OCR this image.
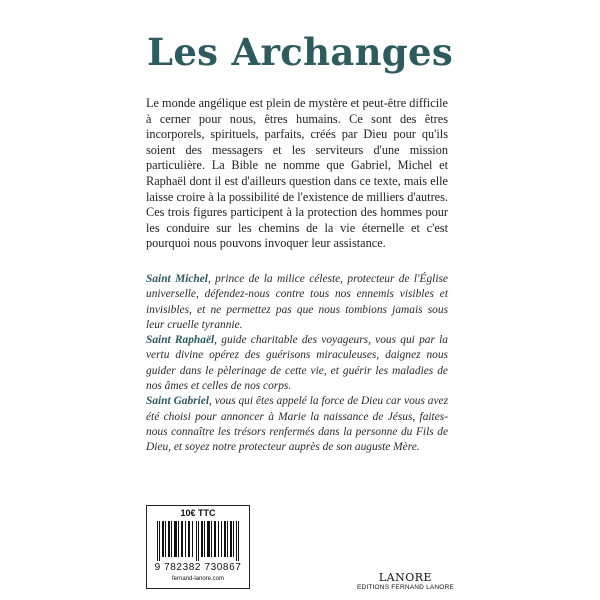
Les Archanges
Le monde angélique est plein de mystère et peut-être difficile à cerner pour nous, êtres humains. Ce sont des êtres incorporels, spirituels, parfaits, créés par Dieu pour qu'ils soient des messagers et les serviteurs d'une mission particulière. La Bible ne nomme que Gabriel, Michel et Raphaël dont il est d'ailleurs question dans ce texte, mais elle laisse croire à la possibilité de l'existence de milliers d'autres. Ces trois figures participent à la protection des hommes pour les conduire sur les chemins de la vie éternelle et c'est pourquoi nous pouvons invoquer leur assistance.

Saint Michel, prince de la milice céleste, protecteur de l'Église universelle, défendez-nous contre tous nos ennemis visibles et invisibles, et ne permettez pas que nous tombions jamais sous leur cruelle tyrannie.

Saint Raphaël, guide charitable des voyageurs, vous qui par la vertu divine opérez des guérisons miraculeuses, daignez nous guider dans le pèlerinage de cette vie, et guérir les maladies de nos âmes et celles de nos corps.

Saint Gabriel, vous qui êtes appelé la force de Dieu car vous avez été choisi pour annoncer à Marie la naissance de Jésus, faites-nous connaître les trésors renfermés dans la personne du Fils de Dieu, et soyez notre protecteur auprès de son auguste Mère.

10€ TTC
9 782382 730867
fernand-lanore.com	LANORE
EDITIONS FERNAND LANORE
